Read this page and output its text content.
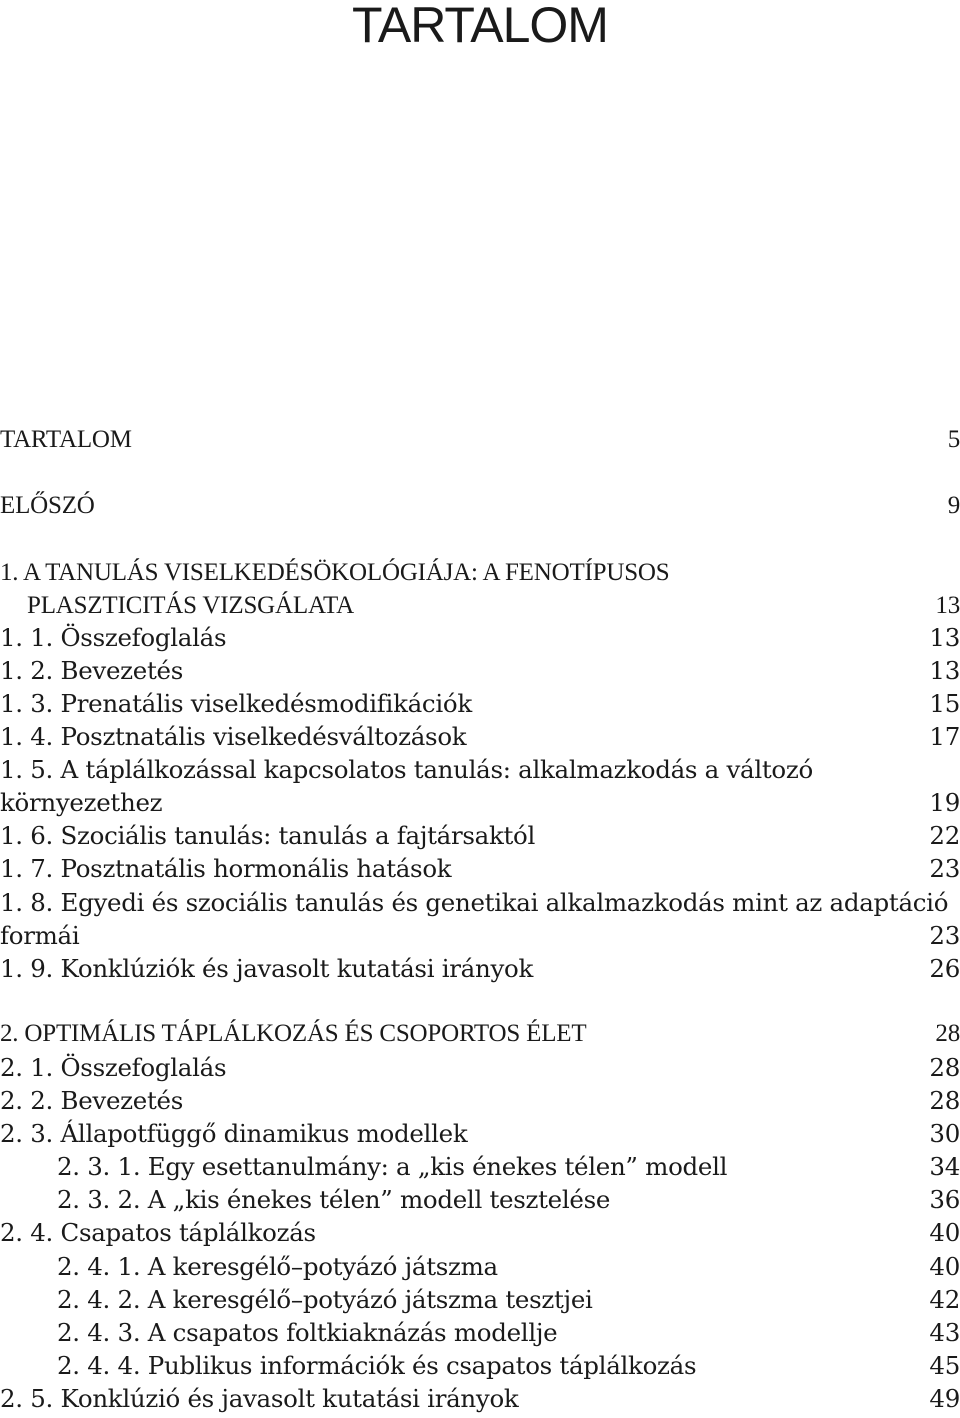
TARTALOM
TARTALOM	5
ELŐSZÓ	9
1. A TANULÁS VISELKEDÉSÖKOLÓGIÁJA: A FENOTÍPUSOS
PLASZTICITÁS VIZSGÁLATA	13
1. 1. Összefoglalás	13
1. 2. Bevezetés	13
1. 3. Prenatális viselkedésmodifikációk	15
1. 4. Posztnatális viselkedésváltozások	17
1. 5. A táplálkozással kapcsolatos tanulás: alkalmazkodás a változó
környezethez	19
1. 6. Szociális tanulás: tanulás a fajtársaktól	22
1. 7. Posztnatális hormonális hatások	23
1. 8. Egyedi és szociális tanulás és genetikai alkalmazkodás mint az adaptáció
formái	23
1. 9. Konklúziók és javasolt kutatási irányok	26
2. OPTIMÁLIS TÁPLÁLKOZÁS ÉS CSOPORTOS ÉLET	28
2. 1. Összefoglalás	28
2. 2. Bevezetés	28
2. 3. Állapotfüggő dinamikus modellek	30
2. 3. 1. Egy esettanulmány: a „kis énekes télen” modell	34
2. 3. 2. A „kis énekes télen” modell tesztelése	36
2. 4. Csapatos táplálkozás	40
2. 4. 1. A keresgélő–potyázó játszma	40
2. 4. 2. A keresgélő–potyázó játszma tesztjei	42
2. 4. 3. A csapatos foltkiaknázás modellje	43
2. 4. 4. Publikus információk és csapatos táplálkozás	45
2. 5. Konklúzió és javasolt kutatási irányok	49
